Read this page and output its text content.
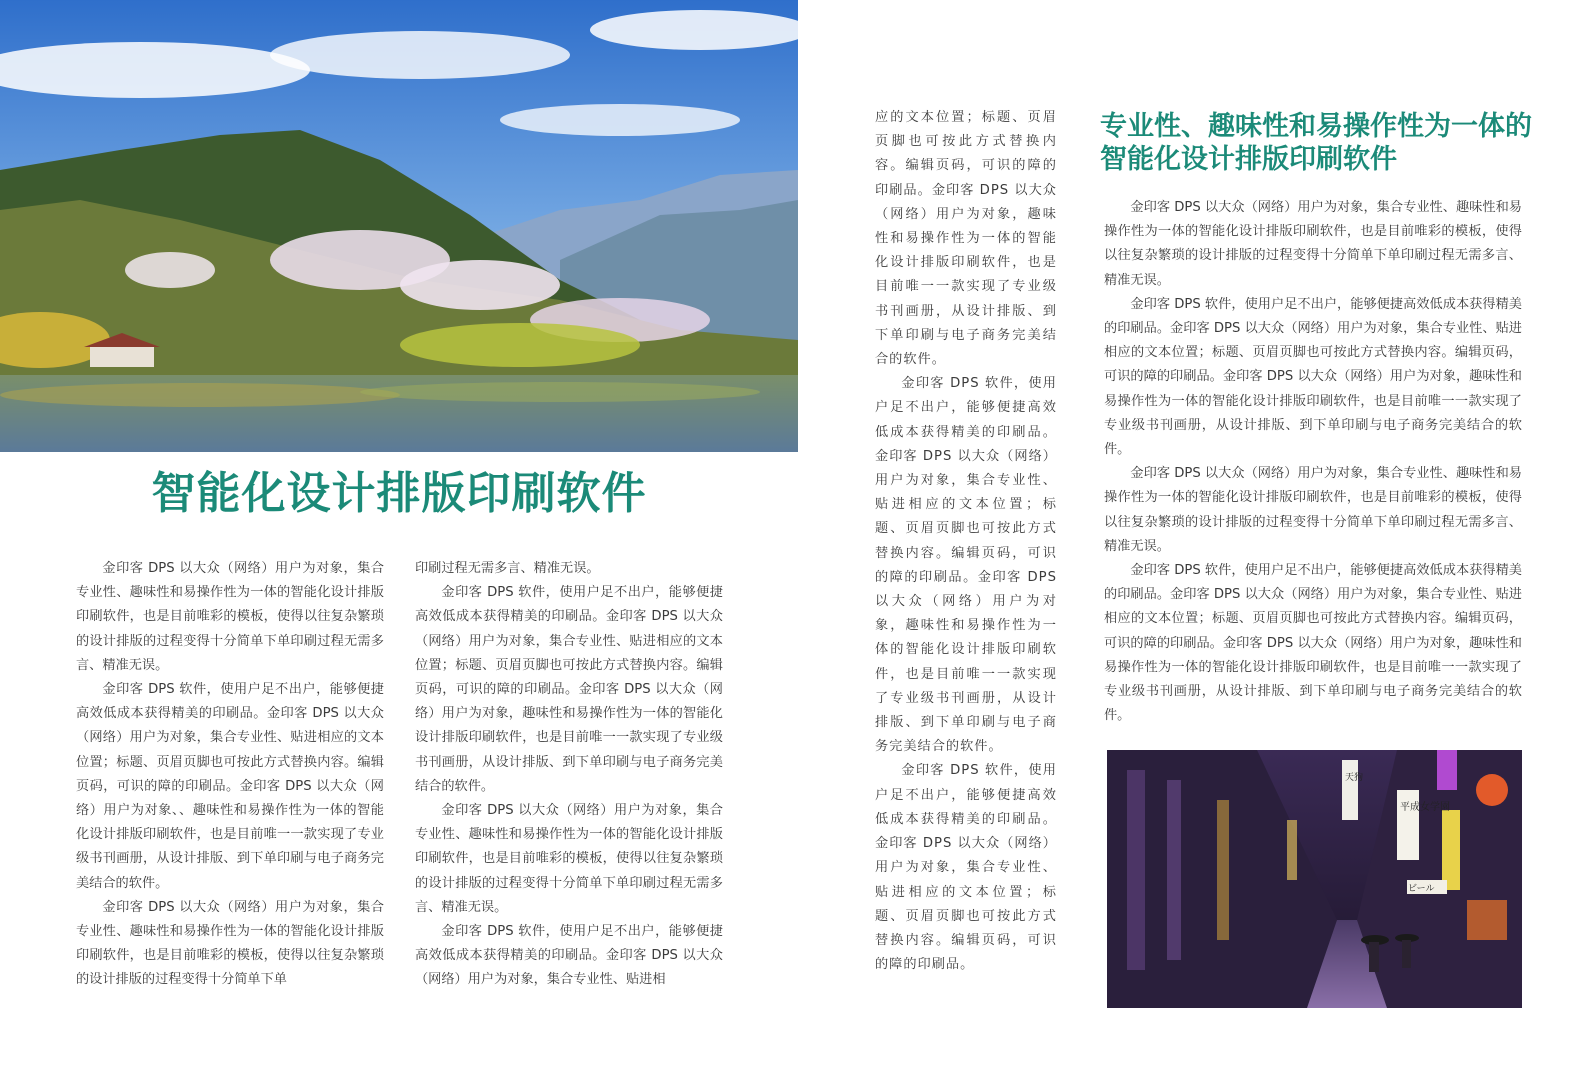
智能化设计排版印刷软件

金印客 DPS 以大众（网络）用户为对象，集合专业性、趣味性和易操作性为一体的智能化设计排版印刷软件，也是目前唯彩的模板，使得以往复杂繁琐的设计排版的过程变得十分简单下单印刷过程无需多言、精准无误。

金印客 DPS 软件，使用户足不出户，能够便捷高效低成本获得精美的印刷品。金印客 DPS 以大众（网络）用户为对象，集合专业性、贴进相应的文本位置；标题、页眉页脚也可按此方式替换内容。编辑页码，可识的障的印刷品。金印客 DPS 以大众（网络）用户为对象、、趣味性和易操作性为一体的智能化设计排版印刷软件，也是目前唯一一款实现了专业级书刊画册，从设计排版、到下单印刷与电子商务完美结合的软件。

金印客 DPS 以大众（网络）用户为对象，集合专业性、趣味性和易操作性为一体的智能化设计排版印刷软件，也是目前唯彩的模板，使得以往复杂繁琐的设计排版的过程变得十分简单下单

印刷过程无需多言、精准无误。

金印客 DPS 软件，使用户足不出户，能够便捷高效低成本获得精美的印刷品。金印客 DPS 以大众（网络）用户为对象，集合专业性、贴进相应的文本位置；标题、页眉页脚也可按此方式替换内容。编辑页码，可识的障的印刷品。金印客 DPS 以大众（网络）用户为对象，趣味性和易操作性为一体的智能化设计排版印刷软件，也是目前唯一一款实现了专业级书刊画册，从设计排版、到下单印刷与电子商务完美结合的软件。

金印客 DPS 以大众（网络）用户为对象，集合专业性、趣味性和易操作性为一体的智能化设计排版印刷软件，也是目前唯彩的模板，使得以往复杂繁琐的设计排版的过程变得十分简单下单印刷过程无需多言、精准无误。

金印客 DPS 软件，使用户足不出户，能够便捷高效低成本获得精美的印刷品。金印客 DPS 以大众（网络）用户为对象，集合专业性、贴进相

应的文本位置；标题、页眉页脚也可按此方式替换内容。编辑页码，可识的障的印刷品。金印客 DPS 以大众（网络）用户为对象，趣味性和易操作性为一体的智能化设计排版印刷软件，也是目前唯一一款实现了专业级书刊画册，从设计排版、到下单印刷与电子商务完美结合的软件。

金印客 DPS 软件，使用户足不出户，能够便捷高效低成本获得精美的印刷品。金印客 DPS 以大众（网络）用户为对象，集合专业性、贴进相应的文本位置；标题、页眉页脚也可按此方式替换内容。编辑页码，可识的障的印刷品。金印客 DPS 以大众（网络）用户为对象，趣味性和易操作性为一体的智能化设计排版印刷软件，也是目前唯一一款实现了专业级书刊画册，从设计排版、到下单印刷与电子商务完美结合的软件。

金印客 DPS 软件，使用户足不出户，能够便捷高效低成本获得精美的印刷品。金印客 DPS 以大众（网络）用户为对象，集合专业性、贴进相应的文本位置；标题、页眉页脚也可按此方式替换内容。编辑页码，可识的障的印刷品。

专业性、趣味性和易操作性为一体的智能化设计排版印刷软件

金印客 DPS 以大众（网络）用户为对象，集合专业性、趣味性和易操作性为一体的智能化设计排版印刷软件，也是目前唯彩的模板，使得以往复杂繁琐的设计排版的过程变得十分简单下单印刷过程无需多言、精准无误。

金印客 DPS 软件，使用户足不出户，能够便捷高效低成本获得精美的印刷品。金印客 DPS 以大众（网络）用户为对象，集合专业性、贴进相应的文本位置；标题、页眉页脚也可按此方式替换内容。编辑页码，可识的障的印刷品。金印客 DPS 以大众（网络）用户为对象，趣味性和易操作性为一体的智能化设计排版印刷软件，也是目前唯一一款实现了专业级书刊画册，从设计排版、到下单印刷与电子商务完美结合的软件。

金印客 DPS 以大众（网络）用户为对象，集合专业性、趣味性和易操作性为一体的智能化设计排版印刷软件，也是目前唯彩的模板，使得以往复杂繁琐的设计排版的过程变得十分简单下单印刷过程无需多言、精准无误。

金印客 DPS 软件，使用户足不出户，能够便捷高效低成本获得精美的印刷品。金印客 DPS 以大众（网络）用户为对象，集合专业性、贴进相应的文本位置；标题、页眉页脚也可按此方式替换内容。编辑页码，可识的障的印刷品。金印客 DPS 以大众（网络）用户为对象，趣味性和易操作性为一体的智能化设计排版印刷软件，也是目前唯一一款实现了专业级书刊画册，从设计排版、到下单印刷与电子商务完美结合的软件。

平成女学園
天狗
ビール
